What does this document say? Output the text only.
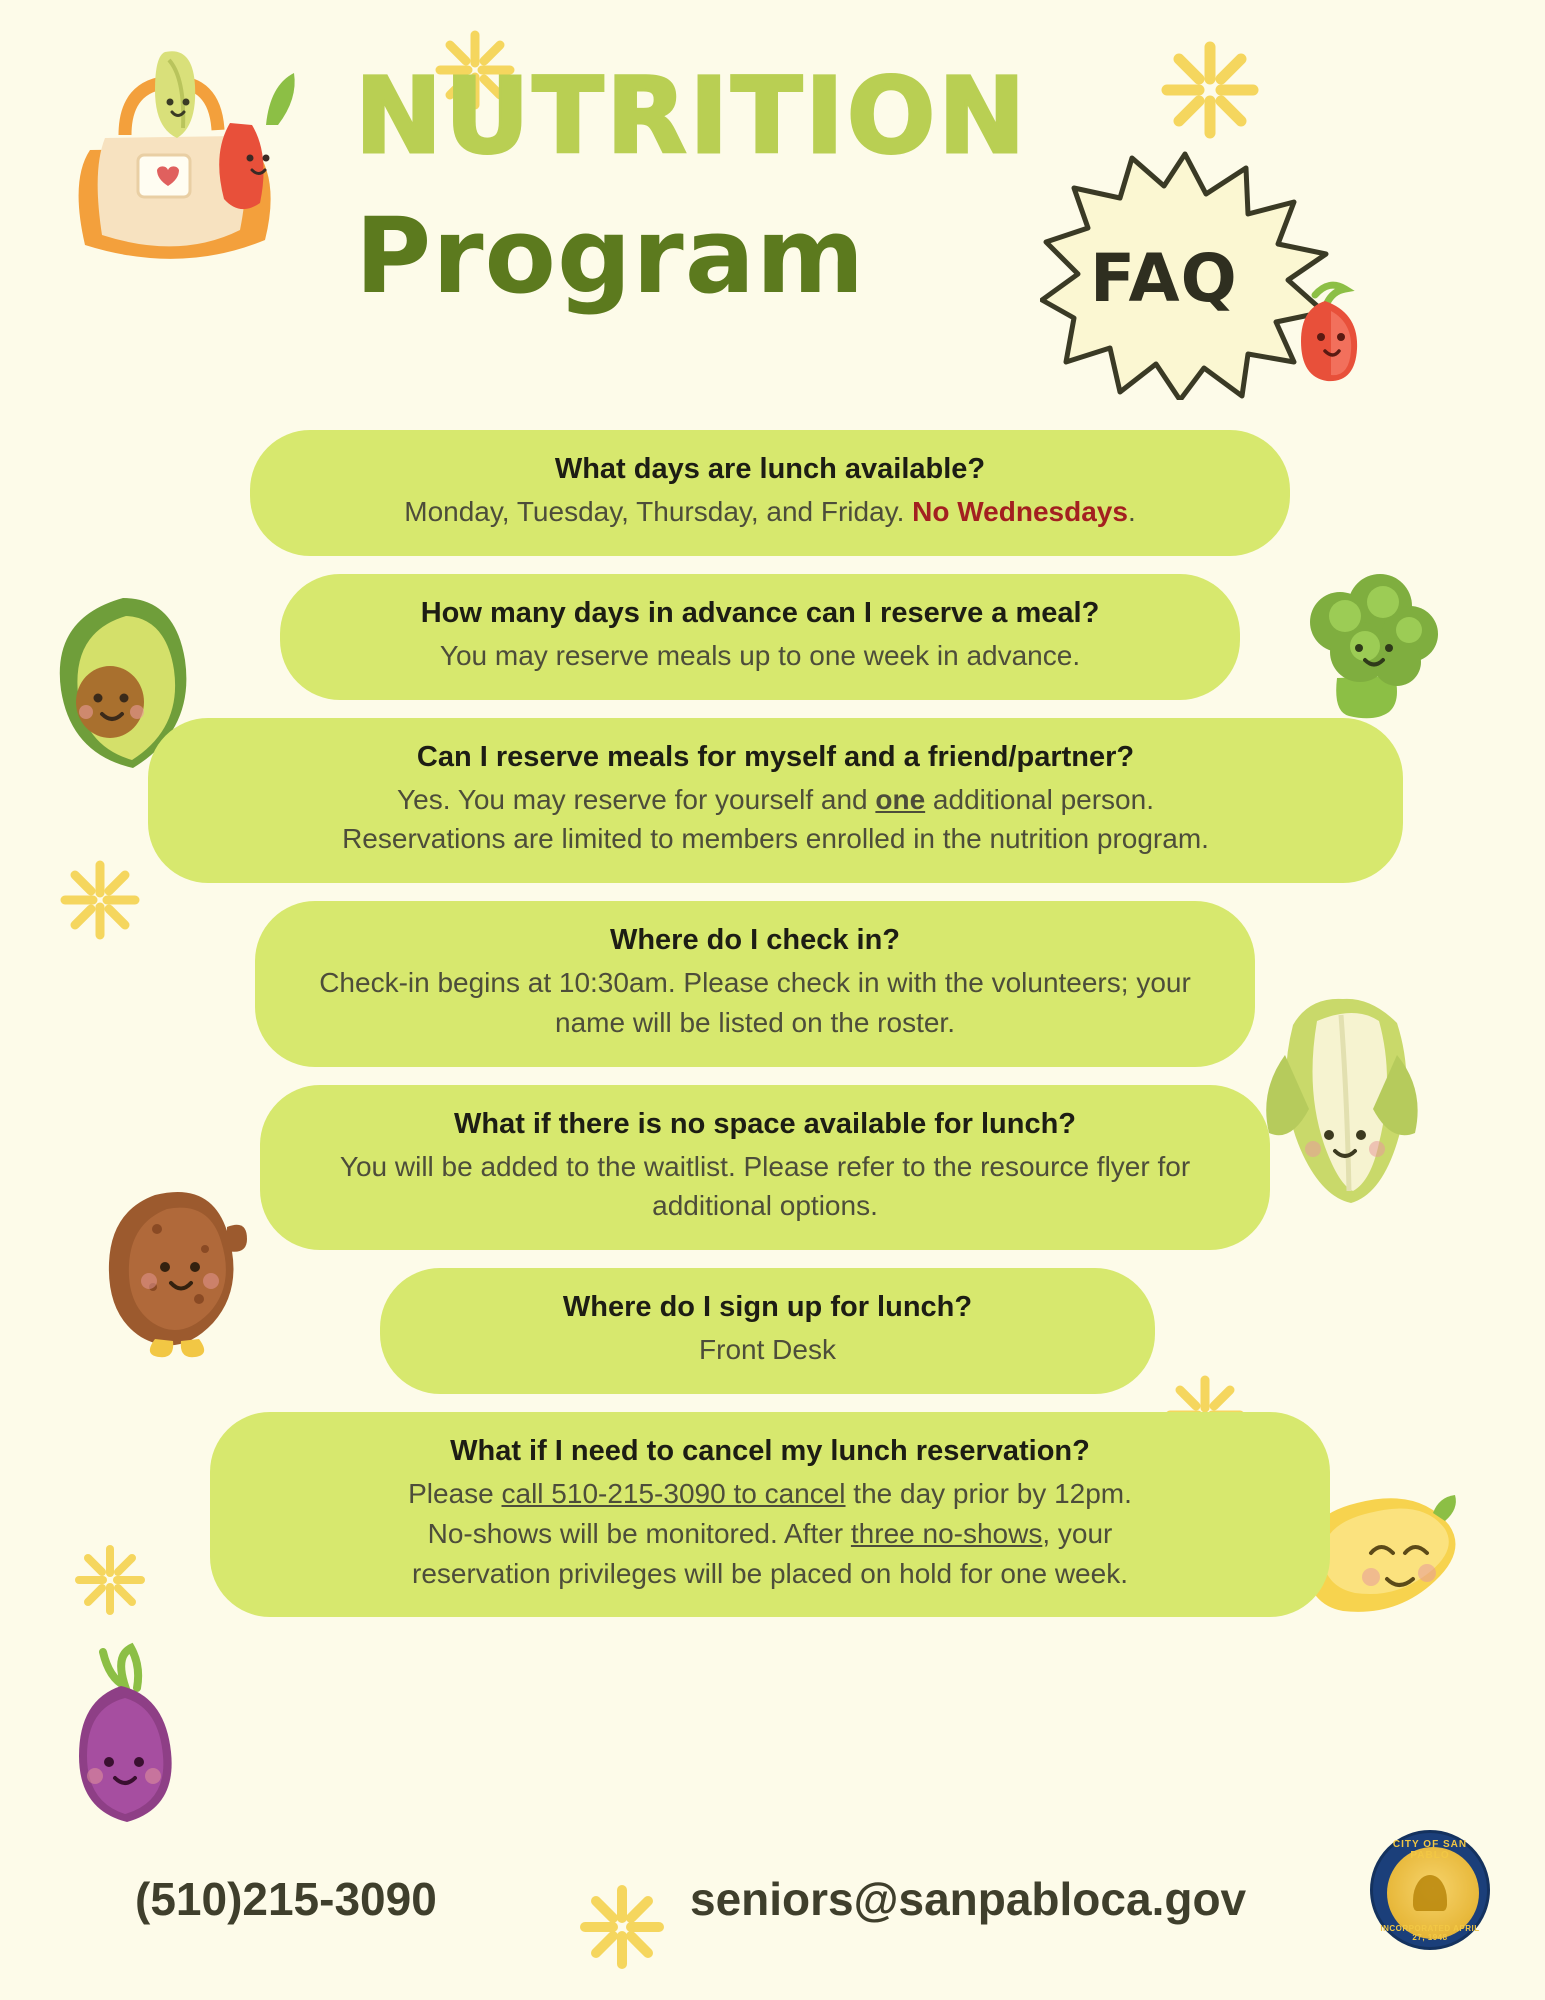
NUTRITION
Program	FAQ
What days are lunch available?
Monday, Tuesday, Thursday, and Friday. No Wednesdays.
How many days in advance can I reserve a meal?
You may reserve meals up to one week in advance.
Can I reserve meals for myself and a friend/partner?
Yes. You may reserve for yourself and one additional person.
Reservations are limited to members enrolled in the nutrition program.
Where do I check in?
Check-in begins at 10:30am. Please check in with the volunteers; your name will be listed on the roster.
What if there is no space available for lunch?
You will be added to the waitlist. Please refer to the resource flyer for additional options.
Where do I sign up for lunch?
Front Desk
What if I need to cancel my lunch reservation?
Please call 510-215-3090 to cancel the day prior by 12pm.
No-shows will be monitored. After three no-shows, your
reservation privileges will be placed on hold for one week.
(510)215-3090	seniors@sanpabloca.gov
CITY OF SAN PABLO
INCORPORATED APRIL 27, 1948
